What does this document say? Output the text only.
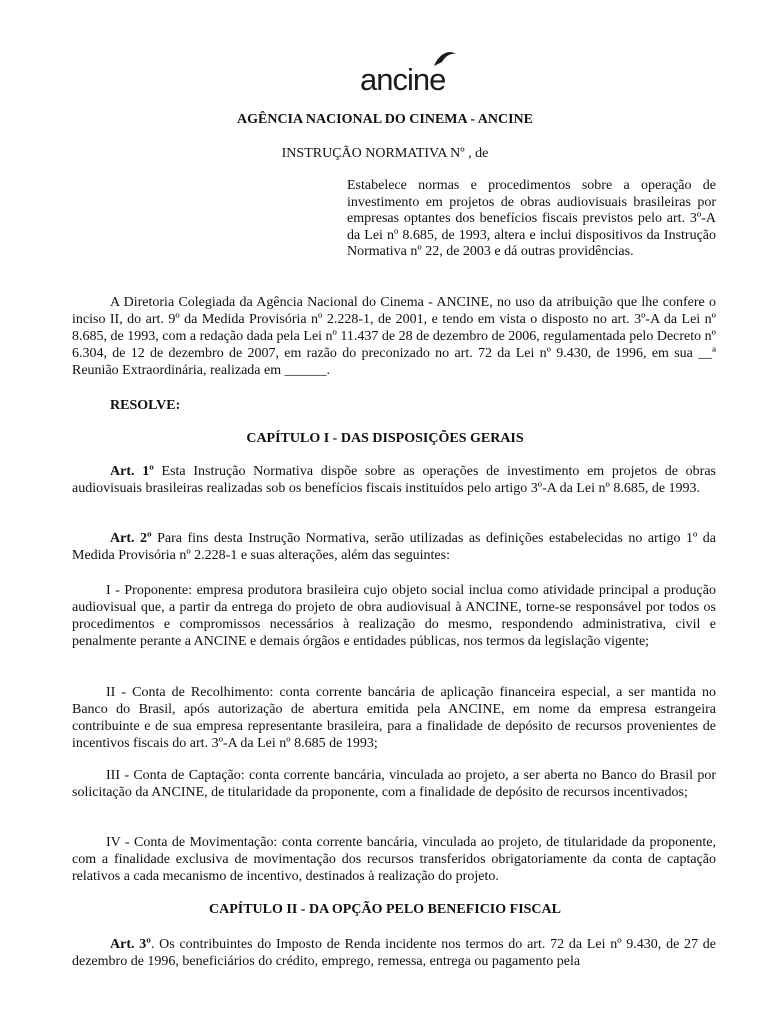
ancine
AGÊNCIA NACIONAL DO CINEMA - ANCINE
INSTRUÇÃO NORMATIVA Nº , de
Estabelece normas e procedimentos sobre a operação de investimento em projetos de obras audiovisuais brasileiras por empresas optantes dos benefícios fiscais previstos pelo art. 3º-A da Lei nº 8.685, de 1993, altera e inclui dispositivos da Instrução Normativa nº 22, de 2003 e dá outras providências.
A Diretoria Colegiada da Agência Nacional do Cinema - ANCINE, no uso da atribuição que lhe confere o inciso II, do art. 9º da Medida Provisória nº 2.228-1, de 2001, e tendo em vista o disposto no art. 3º-A da Lei nº 8.685, de 1993, com a redação dada pela Lei nº 11.437 de 28 de dezembro de 2006, regulamentada pelo Decreto nº 6.304, de 12 de dezembro de 2007, em razão do preconizado no art. 72 da Lei nº 9.430, de 1996, em sua __ª Reunião Extraordinária, realizada em ______.
RESOLVE:
CAPÍTULO I - DAS DISPOSIÇÕES GERAIS
Art. 1º Esta Instrução Normativa dispõe sobre as operações de investimento em projetos de obras audiovisuais brasileiras realizadas sob os benefícios fiscais instituídos pelo artigo 3º-A da Lei nº 8.685, de 1993.
Art. 2º Para fins desta Instrução Normativa, serão utilizadas as definições estabelecidas no artigo 1º da Medida Provisória nº 2.228-1 e suas alterações, além das seguintes:
I - Proponente: empresa produtora brasileira cujo objeto social inclua como atividade principal a produção audiovisual que, a partir da entrega do projeto de obra audiovisual à ANCINE, torne-se responsável por todos os procedimentos e compromissos necessários à realização do mesmo, respondendo administrativa, civil e penalmente perante a ANCINE e demais órgãos e entidades públicas, nos termos da legislação vigente;
II - Conta de Recolhimento: conta corrente bancária de aplicação financeira especial, a ser mantida no Banco do Brasil, após autorização de abertura emitida pela ANCINE, em nome da empresa estrangeira contribuinte e de sua empresa representante brasileira, para a finalidade de depósito de recursos provenientes de incentivos fiscais do art. 3º-A da Lei nº 8.685 de 1993;
III - Conta de Captação: conta corrente bancária, vinculada ao projeto, a ser aberta no Banco do Brasil por solicitação da ANCINE, de titularidade da proponente, com a finalidade de depósito de recursos incentivados;
IV - Conta de Movimentação: conta corrente bancária, vinculada ao projeto, de titularidade da proponente, com a finalidade exclusiva de movimentação dos recursos transferidos obrigatoriamente da conta de captação relativos a cada mecanismo de incentivo, destinados à realização do projeto.
CAPÍTULO II - DA OPÇÃO PELO BENEFICIO FISCAL
Art. 3º. Os contribuintes do Imposto de Renda incidente nos termos do art. 72 da Lei nº 9.430, de 27 de dezembro de 1996, beneficiários do crédito, emprego, remessa, entrega ou pagamento pela
